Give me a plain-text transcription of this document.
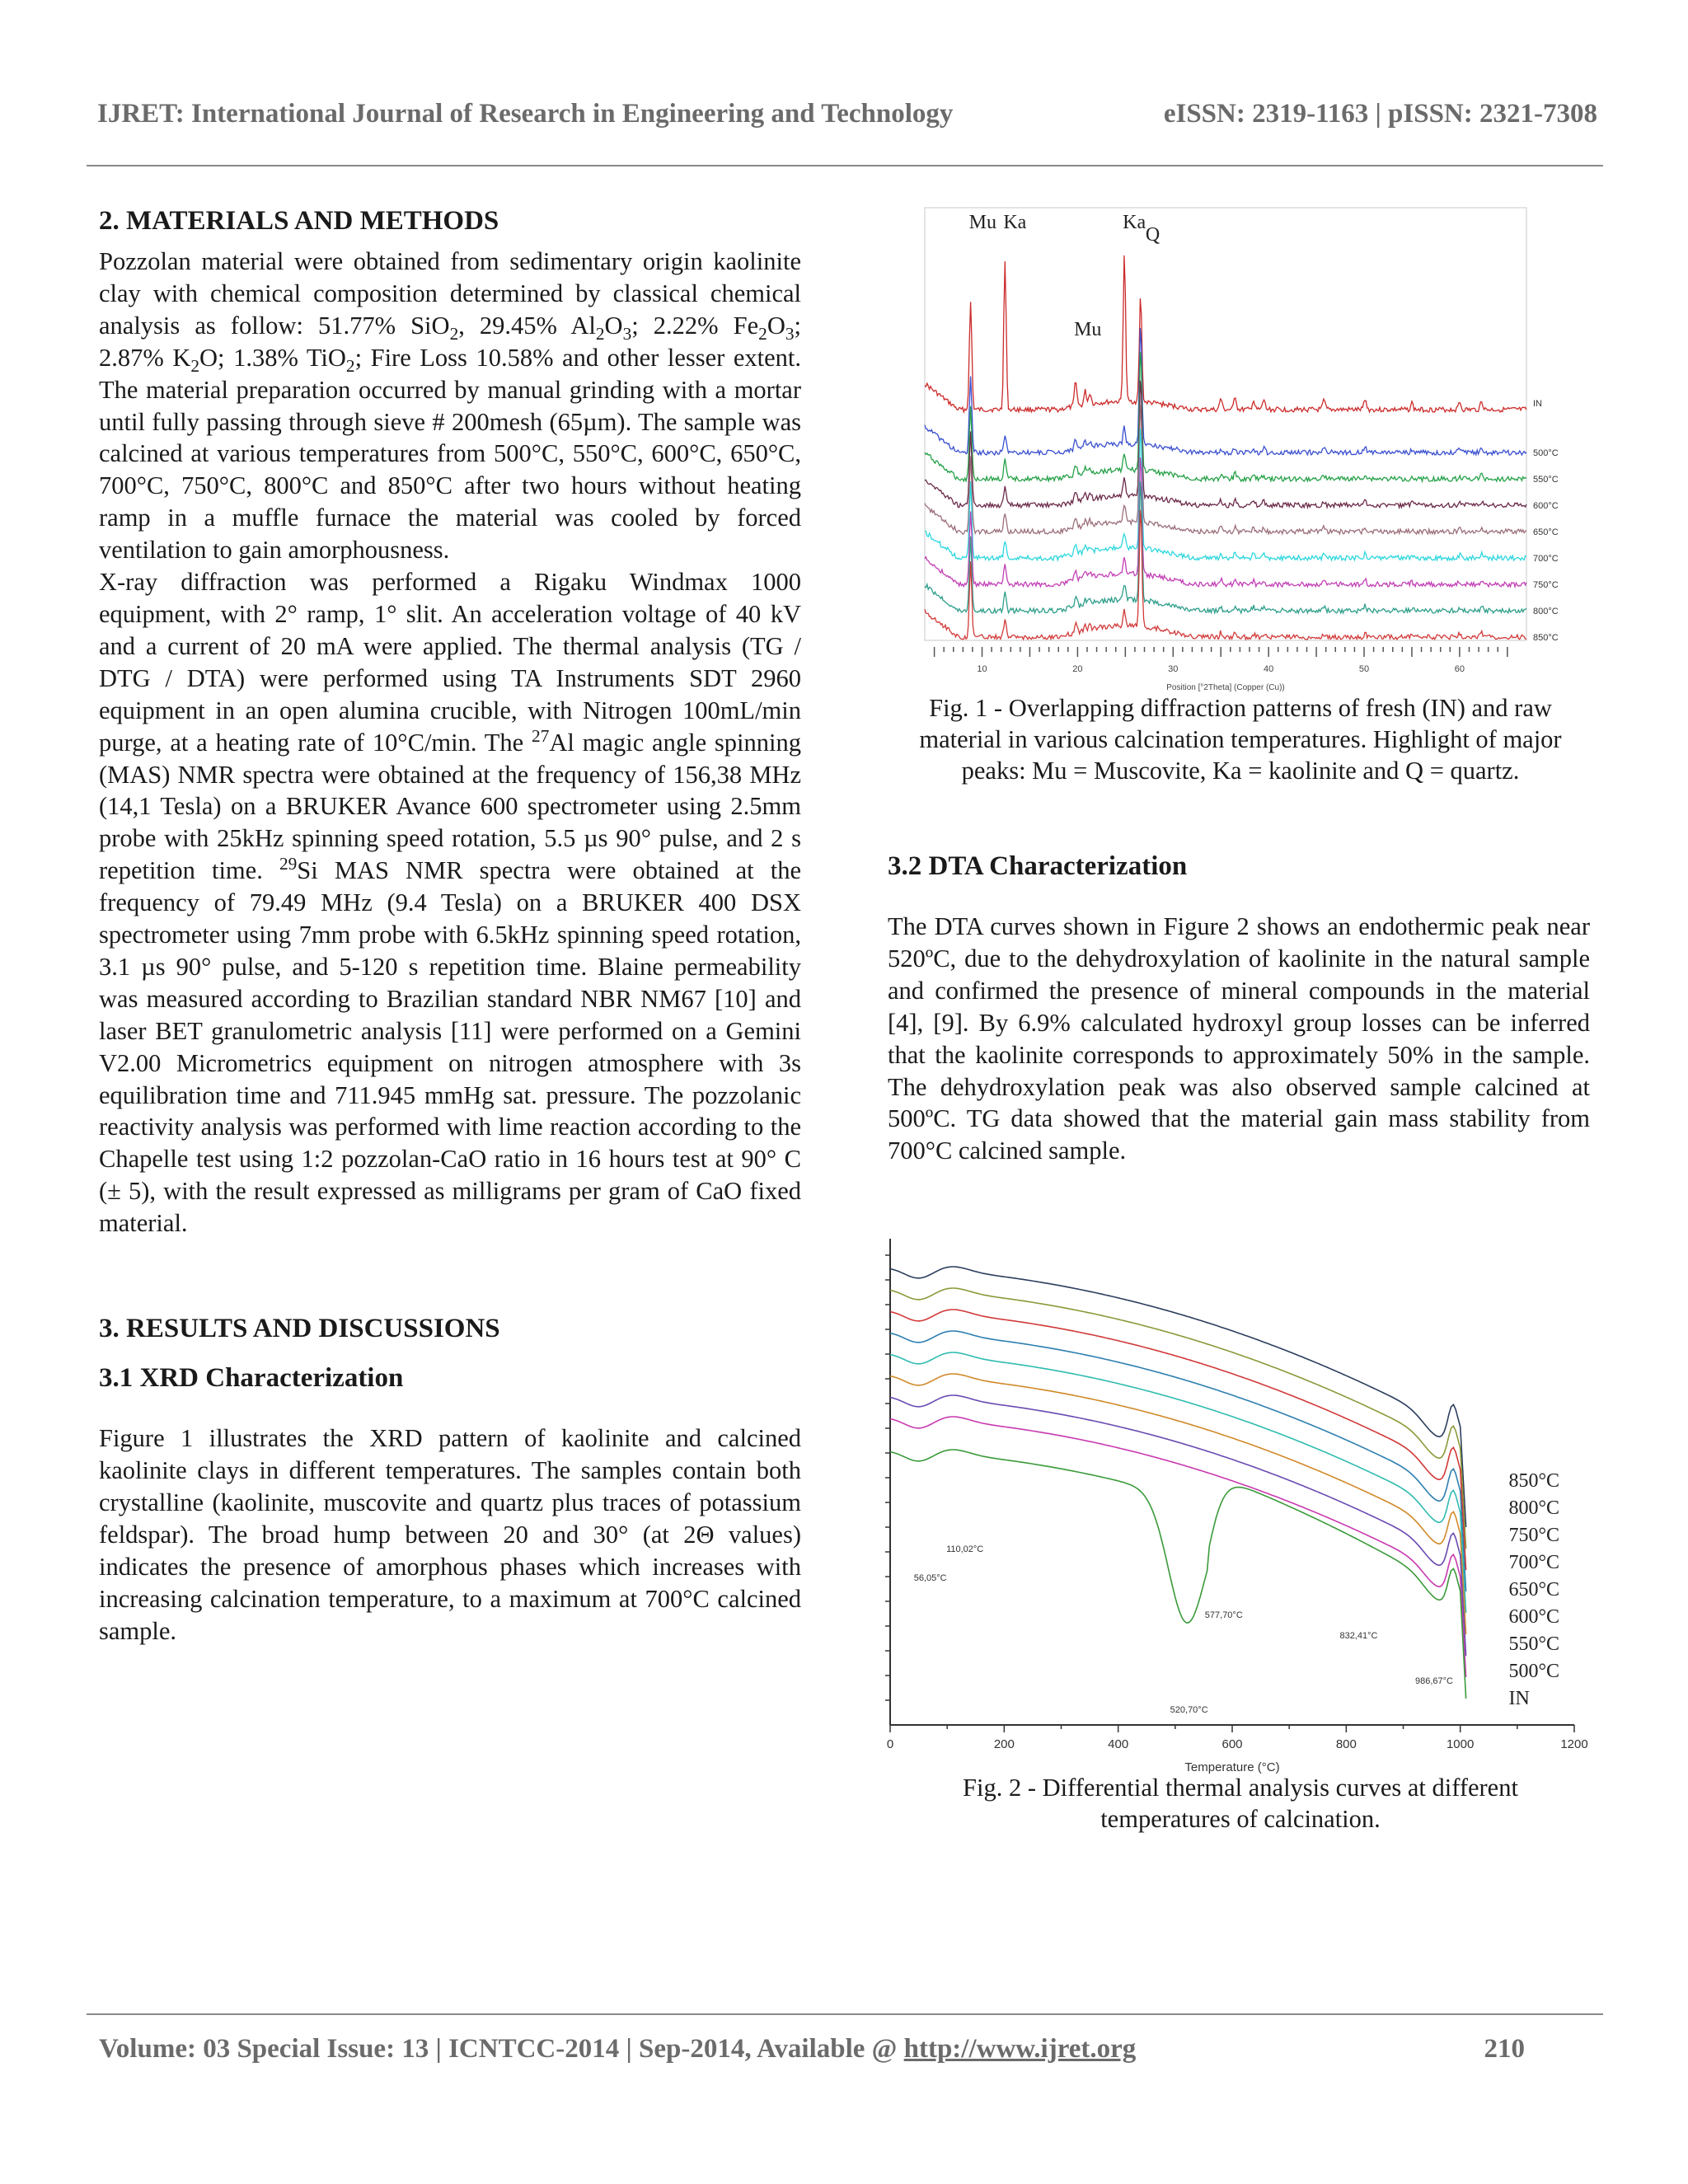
IJRET: International Journal of Research in Engineering and Technology	eISSN: 2319-1163 | pISSN: 2321-7308
2. MATERIALS AND METHODS

Pozzolan material were obtained from sedimentary origin kaolinite clay with chemical composition determined by classical chemical analysis as follow: 51.77% SiO$_2$, 29.45% $Al_2O_3$; 2.22% $Fe_2O_3$; 2.87% $K_2O$; 1.38% TiO$_2$; Fire Loss 10.58% and other lesser extent. The material preparation occurred by manual grinding with a mortar until fully passing through sieve # 200mesh (65µm). The sample was calcined at various temperatures from 500°C, 550°C, 600°C, 650°C, 700°C, 750°C, 800°C and 850°C after two hours without heating ramp in a muffle furnace the material was cooled by forced ventilation to gain amorphousness.

X-ray diffraction was performed a Rigaku Windmax 1000 equipment, with 2° ramp, 1° slit. An acceleration voltage of 40 kV and a current of 20 mA were applied. The thermal analysis (TG / DTG / DTA) were performed using TA Instruments SDT 2960 equipment in an open alumina crucible, with Nitrogen 100mL/min purge, at a heating rate of 10°C/min. The $^{27}$Al magic angle spinning (MAS) NMR spectra were obtained at the frequency of 156,38 MHz (14,1 Tesla) on a BRUKER Avance 600 spectrometer using 2.5mm probe with 25kHz spinning speed rotation, 5.5 µs 90° pulse, and 2 s repetition time. $^{29}$Si MAS NMR spectra were obtained at the frequency of 79.49 MHz (9.4 Tesla) on a BRUKER 400 DSX spectrometer using 7mm probe with 6.5kHz spinning speed rotation, 3.1 µs 90° pulse, and 5-120 s repetition time. Blaine permeability was measured according to Brazilian standard NBR NM67 [10] and laser BET granulometric analysis [11] were performed on a Gemini V2.00 Micrometrics equipment on nitrogen atmosphere with 3s equilibration time and 711.945 mmHg sat. pressure. The pozzolanic reactivity analysis was performed with lime reaction according to the Chapelle test using 1:2 pozzolan-CaO ratio in 16 hours test at 90° C (± 5), with the result expressed as milligrams per gram of CaO fixed material.

3. RESULTS AND DISCUSSIONS
3.1 XRD Characterization

Figure 1 illustrates the XRD pattern of kaolinite and calcined kaolinite clays in different temperatures. The samples contain both crystalline (kaolinite, muscovite and quartz plus traces of potassium feldspar). The broad hump between 20 and 30° (at 2Θ values) indicates the presence of amorphous phases which increases with increasing calcination temperature, to a maximum at 700°C calcined sample.

10	20	30	40	50	60
Position [°2Theta] (Copper (Cu))
IN
500°C
550°C
600°C
650°C
700°C
750°C
800°C
850°C
Mu Ka
Mu
Ka
Q
Fig. 1 - Overlapping diffraction patterns of fresh (IN) and raw material in various calcination temperatures. Highlight of major peaks: Mu = Muscovite, Ka = kaolinite and Q = quartz.
3.2 DTA Characterization

The DTA curves shown in Figure 2 shows an endothermic peak near 520ºC, due to the dehydroxylation of kaolinite in the natural sample and confirmed the presence of mineral compounds in the material [4], [9]. By 6.9% calculated hydroxyl group losses can be inferred that the kaolinite corresponds to approximately 50% in the sample. The dehydroxylation peak was also observed sample calcined at 500ºC. TG data showed that the material gain mass stability from 700°C calcined sample.

0	200	400	600	800	1000	1200
Temperature (°C)
850°C
800°C
750°C
700°C
650°C
600°C
550°C
500°C
IN
56,05°C
110,02°C
520,70°C
577,70°C
832,41°C
986,67°C
Fig. 2 - Differential thermal analysis curves at different temperatures of calcination.
Volume: 03 Special Issue: 13 | ICNTCC-2014 | Sep-2014, Available @ http://www.ijret.org	210
